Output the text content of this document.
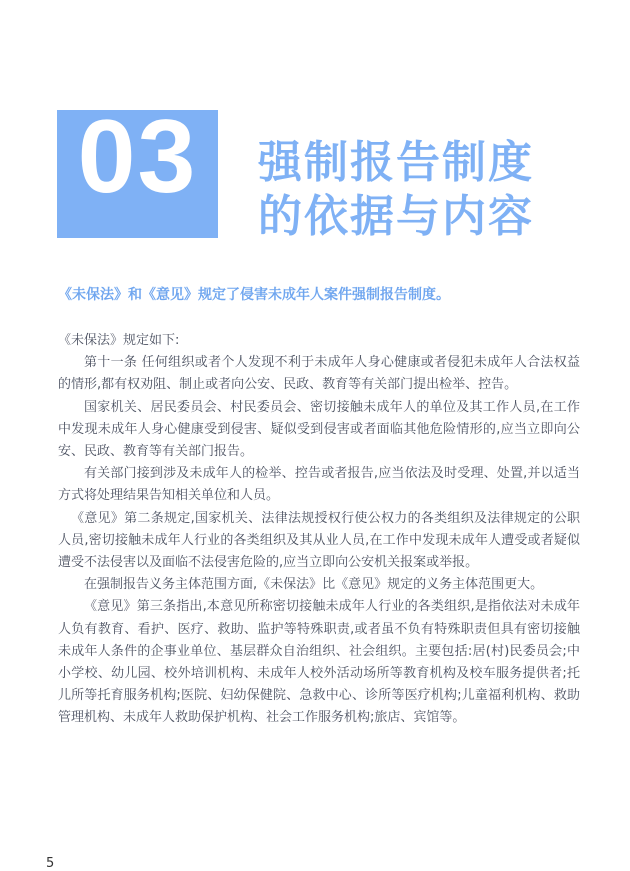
03	强制报告制度
的依据与内容
《未保法》和《意见》规定了侵害未成年人案件强制报告制度。

《未保法》规定如下:

第十一条 任何组织或者个人发现不利于未成年人身心健康或者侵犯未成年人合法权益的情形,都有权劝阻、制止或者向公安、民政、教育等有关部门提出检举、控告。

国家机关、居民委员会、村民委员会、密切接触未成年人的单位及其工作人员,在工作中发现未成年人身心健康受到侵害、疑似受到侵害或者面临其他危险情形的,应当立即向公安、民政、教育等有关部门报告。

有关部门接到涉及未成年人的检举、控告或者报告,应当依法及时受理、处置,并以适当方式将处理结果告知相关单位和人员。

《意见》第二条规定,国家机关、法律法规授权行使公权力的各类组织及法律规定的公职人员,密切接触未成年人行业的各类组织及其从业人员,在工作中发现未成年人遭受或者疑似遭受不法侵害以及面临不法侵害危险的,应当立即向公安机关报案或举报。

在强制报告义务主体范围方面,《未保法》比《意见》规定的义务主体范围更大。

《意见》第三条指出,本意见所称密切接触未成年人行业的各类组织,是指依法对未成年人负有教育、看护、医疗、救助、监护等特殊职责,或者虽不负有特殊职责但具有密切接触未成年人条件的企事业单位、基层群众自治组织、社会组织。主要包括:居(村)民委员会;中小学校、幼儿园、校外培训机构、未成年人校外活动场所等教育机构及校车服务提供者;托儿所等托育服务机构;医院、妇幼保健院、急救中心、诊所等医疗机构;儿童福利机构、救助管理机构、未成年人救助保护机构、社会工作服务机构;旅店、宾馆等。

5
